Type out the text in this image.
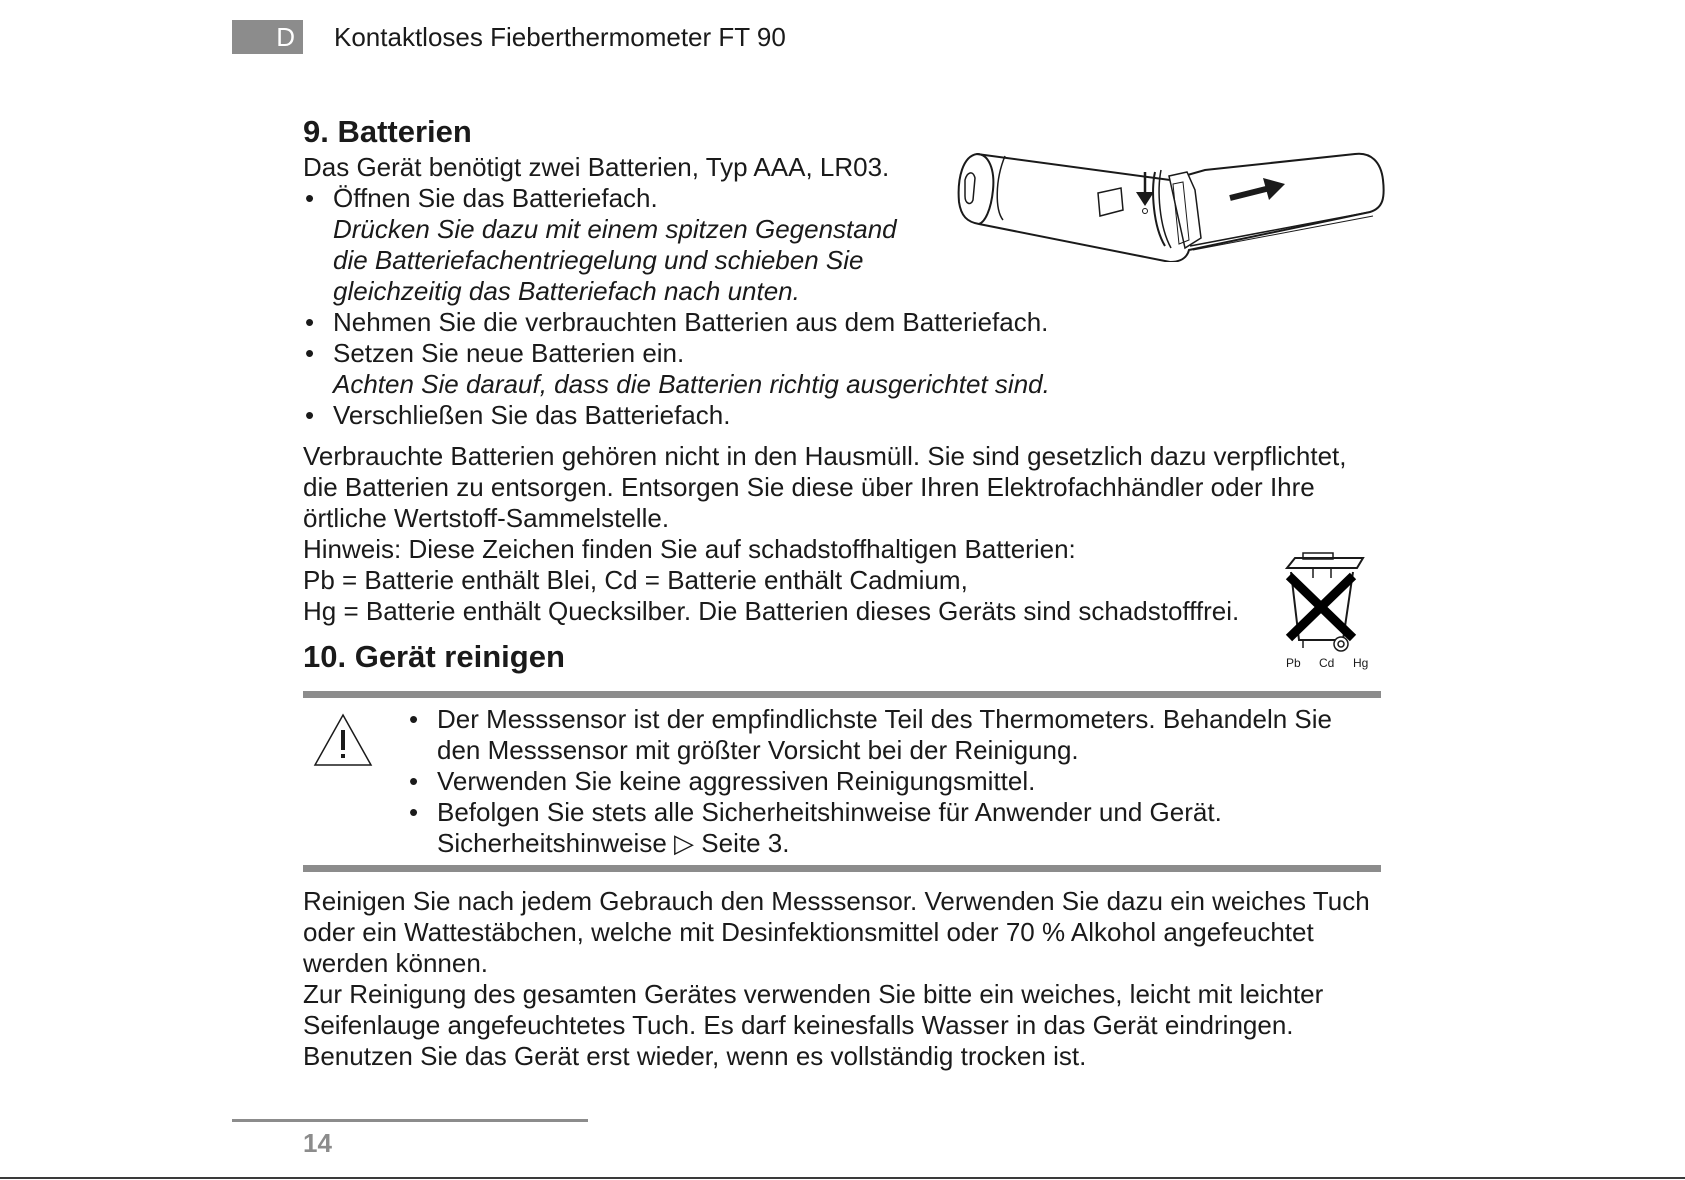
D	Kontaktloses Fieberthermometer FT 90
Pb Cd Hg
9. Batterien

Das Gerät benötigt zwei Batterien, Typ AAA, LR03.

• Öffnen Sie das Batteriefach.
Drücken Sie dazu mit einem spitzen Gegenstand die Batteriefachentriegelung und schieben Sie gleichzeitig das Batteriefach nach unten.
• Nehmen Sie die verbrauchten Batterien aus dem Batteriefach.
• Setzen Sie neue Batterien ein.
Achten Sie darauf, dass die Batterien richtig ausgerichtet sind.
• Verschließen Sie das Batteriefach.

Verbrauchte Batterien gehören nicht in den Hausmüll. Sie sind gesetzlich dazu verpflichtet, die Batterien zu entsorgen. Entsorgen Sie diese über Ihren Elektrofachhändler oder Ihre örtliche Wertstoff-Sammelstelle.

Hinweis: Diese Zeichen finden Sie auf schadstoffhaltigen Batterien:

Pb = Batterie enthält Blei, Cd = Batterie enthält Cadmium,

Hg = Batterie enthält Quecksilber. Die Batterien dieses Geräts sind schadstofffrei.

10. Gerät reinigen
• Der Messsensor ist der empfindlichste Teil des Thermometers. Behandeln Sie den Messsensor mit größter Vorsicht bei der Reinigung.
• Verwenden Sie keine aggressiven Reinigungsmittel.
• Befolgen Sie stets alle Sicherheitshinweise für Anwender und Gerät.
Sicherheitshinweise ▷ Seite 3.

Reinigen Sie nach jedem Gebrauch den Messsensor. Verwenden Sie dazu ein weiches Tuch oder ein Wattestäbchen, welche mit Desinfektionsmittel oder 70 % Alkohol angefeuchtet werden können.

Zur Reinigung des gesamten Gerätes verwenden Sie bitte ein weiches, leicht mit leichter Seifenlauge angefeuchtetes Tuch. Es darf keinesfalls Wasser in das Gerät eindringen. Benutzen Sie das Gerät erst wieder, wenn es vollständig trocken ist.

14
